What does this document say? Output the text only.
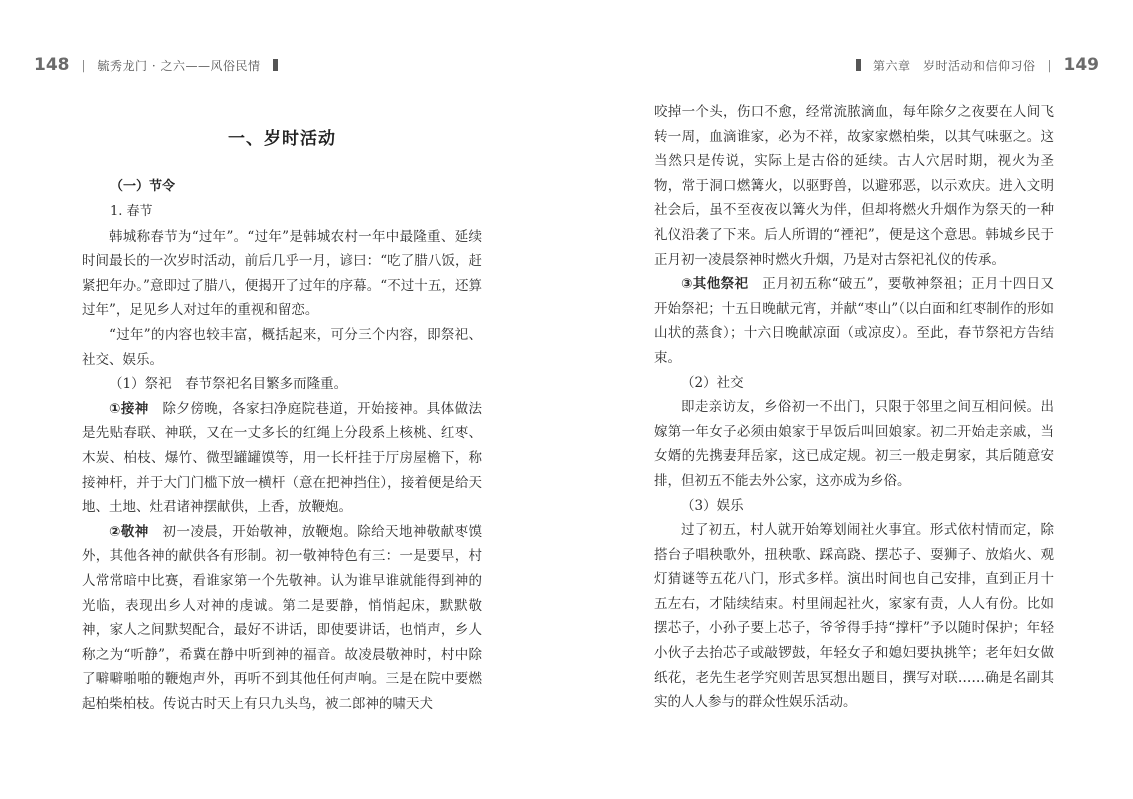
148 | 毓秀龙门 · 之六——风俗民情
一、岁时活动
（一）节令
1. 春节

韩城称春节为“过年”。“过年”是韩城农村一年中最隆重、延续时间最长的一次岁时活动，前后几乎一月，谚曰：“吃了腊八饭，赶紧把年办。”意即过了腊八，便揭开了过年的序幕。“不过十五，还算过年”，足见乡人对过年的重视和留恋。

“过年”的内容也较丰富，概括起来，可分三个内容，即祭祀、社交、娱乐。

（1）祭祀　春节祭祀名目繁多而隆重。

①接神　除夕傍晚，各家扫净庭院巷道，开始接神。具体做法是先贴春联、神联，又在一丈多长的红绳上分段系上核桃、红枣、木炭、柏枝、爆竹、微型罐罐馍等，用一长杆挂于厅房屋檐下，称接神杆，并于大门门槛下放一横杆（意在把神挡住），接着便是给天地、土地、灶君诸神摆献供，上香，放鞭炮。

②敬神　初一凌晨，开始敬神，放鞭炮。除给天地神敬献枣馍外，其他各神的献供各有形制。初一敬神特色有三：一是要早，村人常常暗中比赛，看谁家第一个先敬神。认为谁早谁就能得到神的光临，表现出乡人对神的虔诚。第二是要静，悄悄起床，默默敬神，家人之间默契配合，最好不讲话，即使要讲话，也悄声，乡人称之为“听静”，希冀在静中听到神的福音。故凌晨敬神时，村中除了噼噼啪啪的鞭炮声外，再听不到其他任何声响。三是在院中要燃起柏柴柏枝。传说古时天上有只九头鸟，被二郎神的啸天犬

第六章　岁时活动和信仰习俗 | 149

咬掉一个头，伤口不愈，经常流脓滴血，每年除夕之夜要在人间飞转一周，血滴谁家，必为不祥，故家家燃柏柴，以其气味驱之。这当然只是传说，实际上是古俗的延续。古人穴居时期，视火为圣物，常于洞口燃篝火，以驱野兽，以避邪恶，以示欢庆。进入文明社会后，虽不至夜夜以篝火为伴，但却将燃火升烟作为祭天的一种礼仪沿袭了下来。后人所谓的“禋祀”，便是这个意思。韩城乡民于正月初一凌晨祭神时燃火升烟，乃是对古祭祀礼仪的传承。

③其他祭祀　正月初五称“破五”，要敬神祭祖；正月十四日又开始祭祀；十五日晚献元宵，并献“枣山”（以白面和红枣制作的形如山状的蒸食）；十六日晚献凉面（或凉皮）。至此，春节祭祀方告结束。

（2）社交

即走亲访友，乡俗初一不出门，只限于邻里之间互相问候。出嫁第一年女子必须由娘家于早饭后叫回娘家。初二开始走亲戚，当女婿的先携妻拜岳家，这已成定规。初三一般走舅家，其后随意安排，但初五不能去外公家，这亦成为乡俗。

（3）娱乐

过了初五，村人就开始筹划闹社火事宜。形式依村情而定，除搭台子唱秧歌外，扭秧歌、踩高跷、摆芯子、耍狮子、放焰火、观灯猜谜等五花八门，形式多样。演出时间也自己安排，直到正月十五左右，才陆续结束。村里闹起社火，家家有责，人人有份。比如摆芯子，小孙子要上芯子，爷爷得手持“撑杆”予以随时保护；年轻小伙子去抬芯子或敲锣鼓，年轻女子和媳妇要执挑竿；老年妇女做纸花，老先生老学究则苦思冥想出题目，撰写对联……确是名副其实的人人参与的群众性娱乐活动。
